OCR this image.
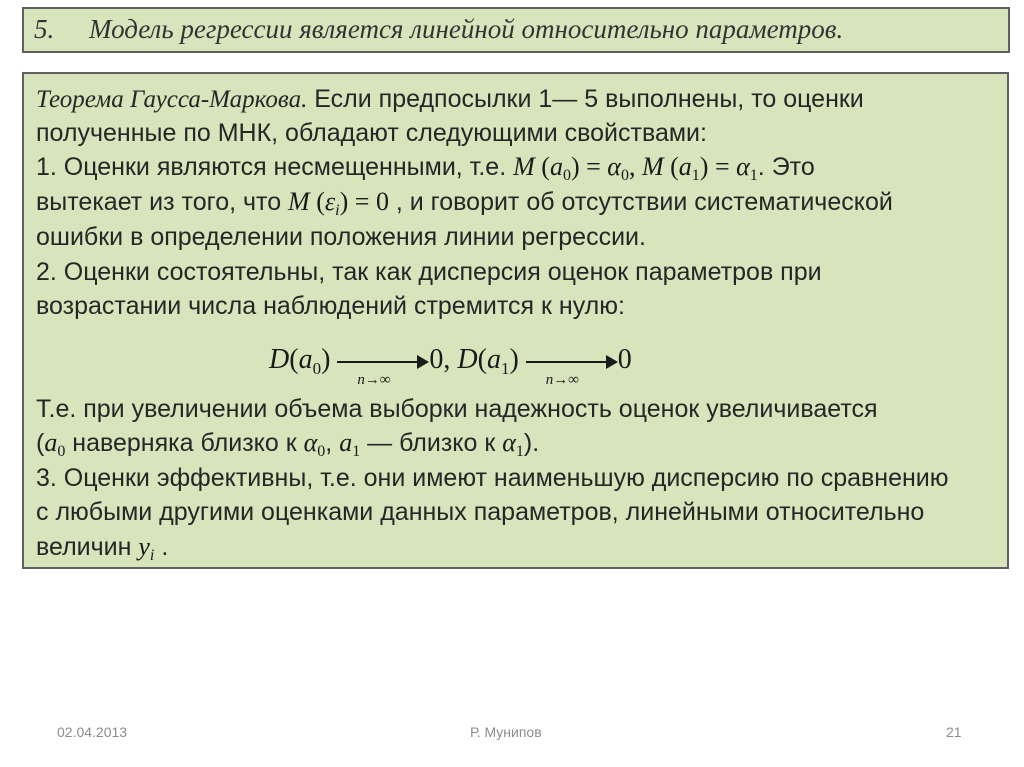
5. Модель регрессии является линейной относительно параметров.
Теорема Гаусса-Маркова. Если предпосылки 1— 5 выполнены, то оценки
полученные по МНК, обладают следующими свойствами:
1. Оценки являются несмещенными, т.е. M $(a_0) = \alpha_0$, M $(a_1) = \alpha_1$. Это
вытекает из того, что M $(\varepsilon_i) = 0$ , и говорит об отсутствии систематической
ошибки в определении положения линии регрессии.
2. Оценки состоятельны, так как дисперсия оценок параметров при
возрастании числа наблюдений стремится к нулю:
$D(a_0)$
n→∞
0, $D(a_1)$
n→∞
0
Т.е. при увеличении объема выборки надежность оценок увеличивается
($a_0$ наверняка близко к $\alpha_0$, $a_1$ — близко к $\alpha_1$).
3. Оценки эффективны, т.е. они имеют наименьшую дисперсию по сравнению
с любыми другими оценками данных параметров, линейными относительно
величин $y_i$ .
02.04.2013	Р. Мунипов	21
